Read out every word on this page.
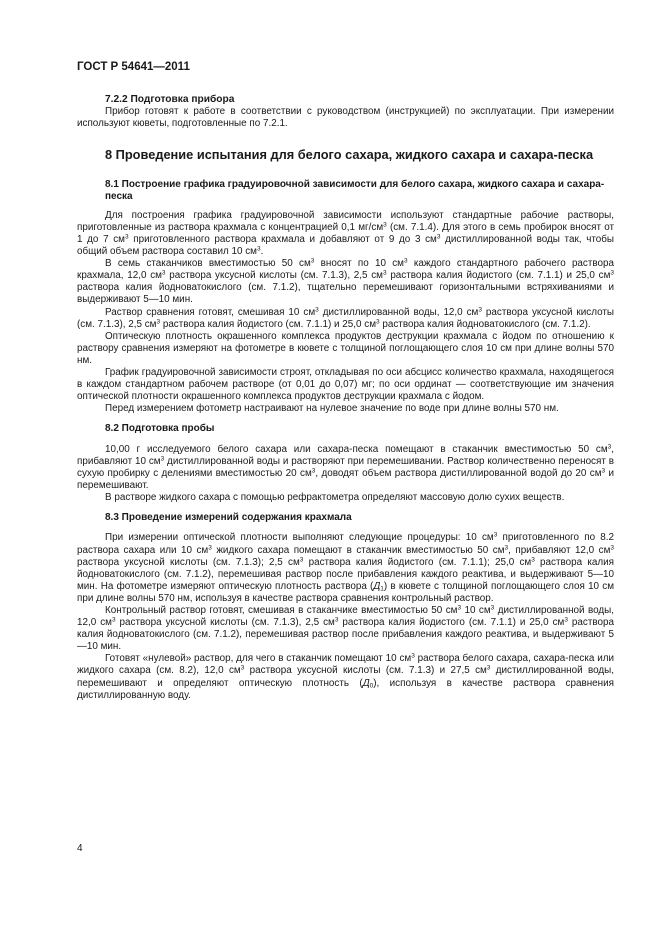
ГОСТ Р 54641—2011

7.2.2 Подготовка прибора

Прибор готовят к работе в соответствии с руководством (инструкцией) по эксплуатации. При измерении используют кюветы, подготовленные по 7.2.1.

8 Проведение испытания для белого сахара, жидкого сахара и сахара-песка

8.1 Построение графика градуировочной зависимости для белого сахара, жидкого сахара и сахара-песка

Для построения графика градуировочной зависимости используют стандартные рабочие растворы, приготовленные из раствора крахмала с концентрацией 0,1 $мг/см^3$ (см. 7.1.4). Для этого в семь пробирок вносят от 1 до 7 $см^3$ приготовленного раствора крахмала и добавляют от 9 до 3 $см^3$ дистиллированной воды так, чтобы общий объем раствора составил 10 $см^3$.

В семь стаканчиков вместимостью 50 $см^3$ вносят по 10 $см^3$ каждого стандартного рабочего раствора крахмала, 12,0 $см^3$ раствора уксусной кислоты (см. 7.1.3), 2,5 $см^3$ раствора калия йодистого (см. 7.1.1) и 25,0 $см^3$ раствора калия йодноватокислого (см. 7.1.2), тщательно перемешивают горизонтальными встряхиваниями и выдерживают 5—10 мин.

Раствор сравнения готовят, смешивая 10 $см^3$ дистиллированной воды, 12,0 $см^3$ раствора уксусной кислоты (см. 7.1.3), 2,5 $см^3$ раствора калия йодистого (см. 7.1.1) и 25,0 $см^3$ раствора калия йодноватокислого (см. 7.1.2).

Оптическую плотность окрашенного комплекса продуктов деструкции крахмала с йодом по отношению к раствору сравнения измеряют на фотометре в кювете с толщиной поглощающего слоя 10 см при длине волны 570 нм.

График градуировочной зависимости строят, откладывая по оси абсцисс количество крахмала, находящегося в каждом стандартном рабочем растворе (от 0,01 до 0,07) мг; по оси ординат — соответствующие им значения оптической плотности окрашенного комплекса продуктов деструкции крахмала с йодом.

Перед измерением фотометр настраивают на нулевое значение по воде при длине волны 570 нм.

8.2 Подготовка пробы

10,00 г исследуемого белого сахара или сахара-песка помещают в стаканчик вместимостью 50 $см^3$, прибавляют 10 $см^3$ дистиллированной воды и растворяют при перемешивании. Раствор количественно переносят в сухую пробирку с делениями вместимостью 20 $см^3$, доводят объем раствора дистиллированной водой до 20 $см^3$ и перемешивают.

В растворе жидкого сахара с помощью рефрактометра определяют массовую долю сухих веществ.

8.3 Проведение измерений содержания крахмала

При измерении оптической плотности выполняют следующие процедуры: 10 $см^3$ приготовленного по 8.2 раствора сахара или 10 $см^3$ жидкого сахара помещают в стаканчик вместимостью 50 $см^3$, прибавляют 12,0 $см^3$ раствора уксусной кислоты (см. 7.1.3); 2,5 $см^3$ раствора калия йодистого (см. 7.1.1); 25,0 $см^3$ раствора калия йодноватокислого (см. 7.1.2), перемешивая раствор после прибавления каждого реактива, и выдерживают 5—10 мин. На фотометре измеряют оптическую плотность раствора $(Д_1)$ в кювете с толщиной поглощающего слоя 10 см при длине волны 570 нм, используя в качестве раствора сравнения контрольный раствор.

Контрольный раствор готовят, смешивая в стаканчике вместимостью 50 $см^3$ 10 $см^3$ дистиллированной воды, 12,0 $см^3$ раствора уксусной кислоты (см. 7.1.3), 2,5 $см^3$ раствора калия йодистого (см. 7.1.1) и 25,0 $см^3$ раствора калия йодноватокислого (см. 7.1.2), перемешивая раствор после прибавления каждого реактива, и выдерживают 5—10 мин.

Готовят «нулевой» раствор, для чего в стаканчик помещают 10 $см^3$ раствора белого сахара, сахара-песка или жидкого сахара (см. 8.2), 12,0 $см^3$ раствора уксусной кислоты (см. 7.1.3) и 27,5 $см^3$ дистиллированной воды, перемешивают и определяют оптическую плотность $(Д_0)$, используя в качестве раствора сравнения дистиллированную воду.

4
